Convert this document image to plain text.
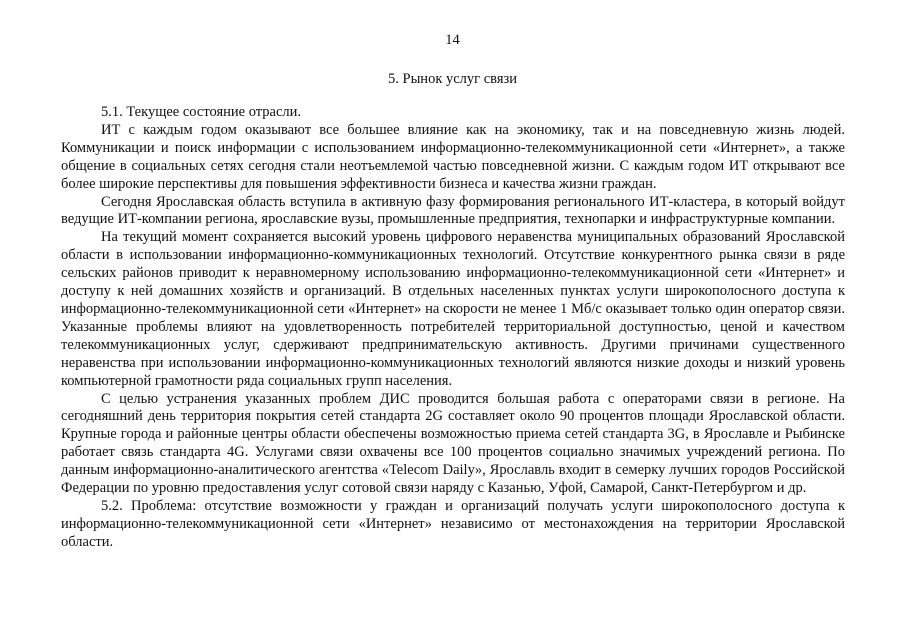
14
5. Рынок услуг связи

5.1. Текущее состояние отрасли.

ИТ с каждым годом оказывают все большее влияние как на экономику, так и на повседневную жизнь людей. Коммуникации и поиск информации с использованием информационно-телекоммуникационной сети «Интернет», а также общение в социальных сетях сегодня стали неотъемлемой частью повседневной жизни. С каждым годом ИТ открывают все более широкие перспективы для повышения эффективности бизнеса и качества жизни граждан.

Сегодня Ярославская область вступила в активную фазу формирования регионального ИТ-кластера, в который войдут ведущие ИТ-компании региона, ярославские вузы, промышленные предприятия, технопарки и инфраструктурные компании.

На текущий момент сохраняется высокий уровень цифрового неравенства муниципальных образований Ярославской области в использовании информационно-коммуникационных технологий. Отсутствие конкурентного рынка связи в ряде сельских районов приводит к неравномерному использованию информационно-телекоммуникационной сети «Интернет» и доступу к ней домашних хозяйств и организаций. В отдельных населенных пунктах услуги широкополосного доступа к информационно-телекоммуникационной сети «Интернет» на скорости не менее 1 Мб/с оказывает только один оператор связи. Указанные проблемы влияют на удовлетворенность потребителей территориальной доступностью, ценой и качеством телекоммуникационных услуг, сдерживают предпринимательскую активность. Другими причинами существенного неравенства при использовании информационно-коммуникационных технологий являются низкие доходы и низкий уровень компьютерной грамотности ряда социальных групп населения.

С целью устранения указанных проблем ДИС проводится большая работа с операторами связи в регионе. На сегодняшний день территория покрытия сетей стандарта 2G составляет около 90 процентов площади Ярославской области. Крупные города и районные центры области обеспечены возможностью приема сетей стандарта 3G, в Ярославле и Рыбинске работает связь стандарта 4G. Услугами связи охвачены все 100 процентов социально значимых учреждений региона. По данным информационно-аналитического агентства «Telecom Daily», Ярославль входит в семерку лучших городов Российской Федерации по уровню предоставления услуг сотовой связи наряду с Казанью, Уфой, Самарой, Санкт-Петербургом и др.

5.2. Проблема: отсутствие возможности у граждан и организаций получать услуги широкополосного доступа к информационно-телекоммуникационной сети «Интернет» независимо от местонахождения на территории Ярославской области.
